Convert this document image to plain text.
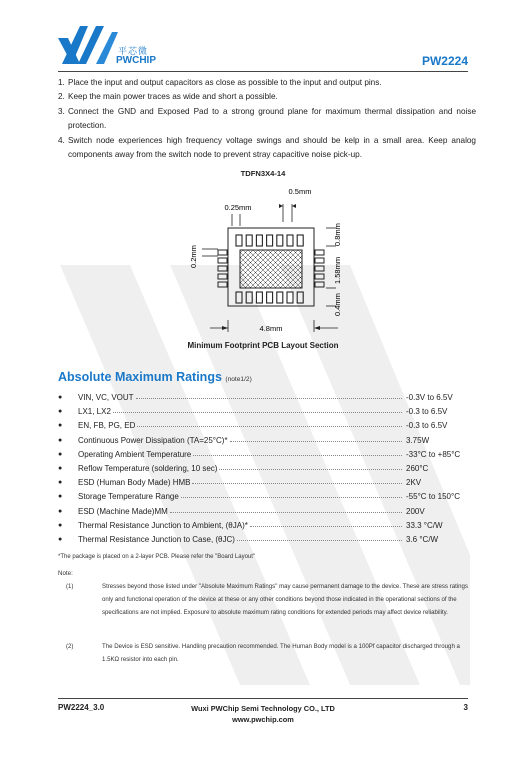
平芯微
PWCHIP	PW2224
1. Place the input and output capacitors as close as possible to the input and output pins.
2. Keep the main power traces as wide and short a possible.
3. Connect the GND and Exposed Pad to a strong ground plane for maximum thermal dissipation and noise protection.
4. Switch node experiences high frequency voltage swings and should be kelp in a small area. Keep analog components away from the switch node to prevent stray capacitive noise pick-up.
TDFN3X4-14
4.8mm
0.5mm
0.25mm
0.2mm
0.8mm
1.58mm
0.4mm
Minimum Footprint PCB Layout Section
Absolute Maximum Ratings (note1/2)
● VIN, VC, VOUT	-0.3V to 6.5V
● LX1, LX2	-0.3 to 6.5V
● EN, FB, PG, ED	-0.3 to 6.5V
● Continuous Power Dissipation (TA=25°C)*	3.75W
● Operating Ambient Temperature	-33°C to +85°C
● Reflow Temperature (soldering, 10 sec)	260°C
● ESD (Human Body Made) HMB	2KV
● Storage Temperature Range	-55°C to 150°C
● ESD (Machine Made)MM	200V
● Thermal Resistance Junction to Ambient, (θJA)*	33.3 °C/W
● Thermal Resistance Junction to Case, (θJC)	3.6 °C/W
*The package is placed on a 2-layer PCB. Please refer the "Board Layout"
Note:
(1)	Stresses beyond those listed under "Absolute Maximum Ratings" may cause permanent damage to the device. These are stress ratings only and functional operation of the device at these or any other conditions beyond those indicated in the operational sections of the specifications are not implied. Exposure to absolute maximum rating conditions for extended periods may affect device reliability.
(2)	The Device is ESD sensitive. Handling precaution recommended. The Human Body model is a 100Pf capacitor discharged through a 1.5KΩ resistor into each pin.
PW2224_3.0	Wuxi PWChip Semi Technology CO., LTD
www.pwchip.com
3
